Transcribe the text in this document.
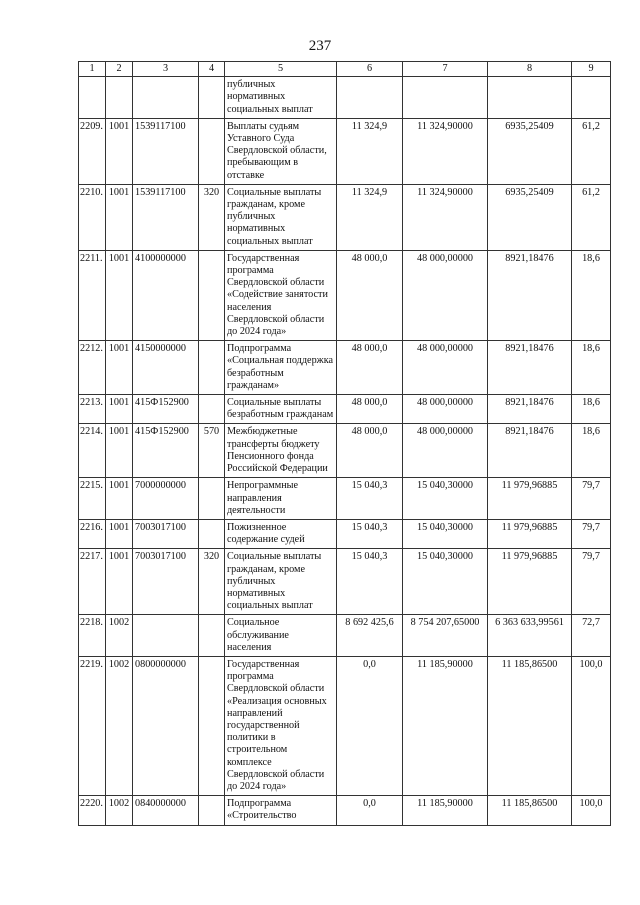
237
1	2	3	4	5	6	7	8	9
				публичных нормативных социальных выплат				
2209.	1001	1539117100		Выплаты судьям Уставного Суда Свердловской области, пребывающим в отставке	11 324,9	11 324,90000	6935,25409	61,2
2210.	1001	1539117100	320	Социальные выплаты гражданам, кроме публичных нормативных социальных выплат	11 324,9	11 324,90000	6935,25409	61,2
2211.	1001	4100000000		Государственная программа Свердловской области «Содействие занятости населения Свердловской области до 2024 года»	48 000,0	48 000,00000	8921,18476	18,6
2212.	1001	4150000000		Подпрограмма «Социальная поддержка безработным гражданам»	48 000,0	48 000,00000	8921,18476	18,6
2213.	1001	415Ф152900		Социальные выплаты безработным гражданам	48 000,0	48 000,00000	8921,18476	18,6
2214.	1001	415Ф152900	570	Межбюджетные трансферты бюджету Пенсионного фонда Российской Федерации	48 000,0	48 000,00000	8921,18476	18,6
2215.	1001	7000000000		Непрограммные направления деятельности	15 040,3	15 040,30000	11 979,96885	79,7
2216.	1001	7003017100		Пожизненное содержание судей	15 040,3	15 040,30000	11 979,96885	79,7
2217.	1001	7003017100	320	Социальные выплаты гражданам, кроме публичных нормативных социальных выплат	15 040,3	15 040,30000	11 979,96885	79,7
2218.	1002			Социальное обслуживание населения	8 692 425,6	8 754 207,65000	6 363 633,99561	72,7
2219.	1002	0800000000		Государственная программа Свердловской области «Реализация основных направлений государственной политики в строительном комплексе Свердловской области до 2024 года»	0,0	11 185,90000	11 185,86500	100,0
2220.	1002	0840000000		Подпрограмма «Строительство	0,0	11 185,90000	11 185,86500	100,0
